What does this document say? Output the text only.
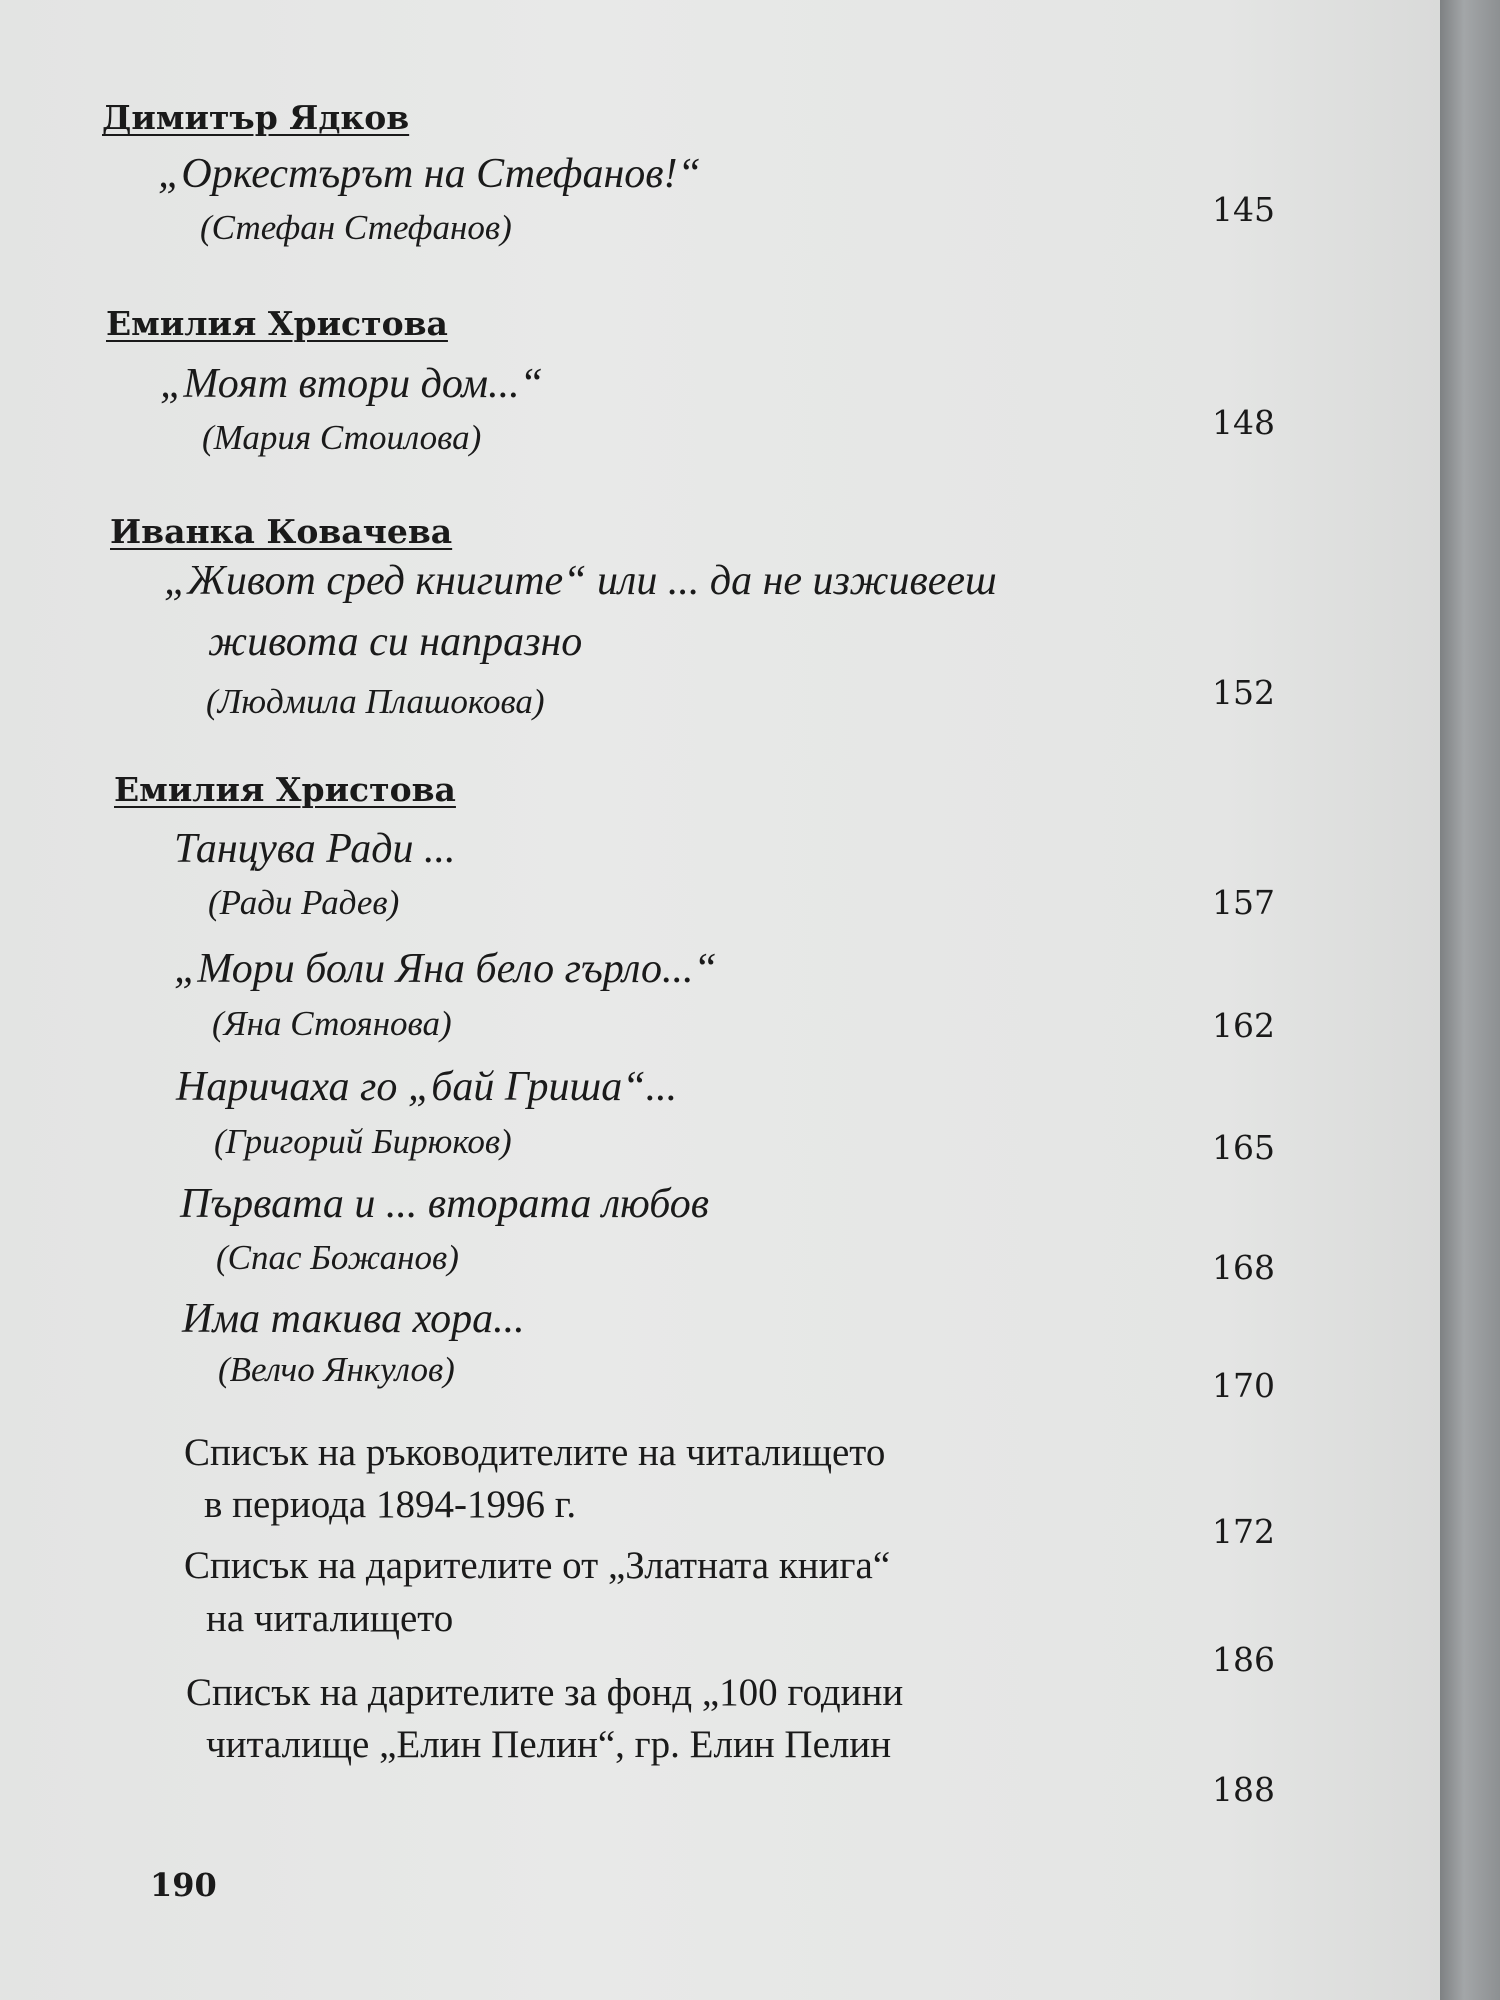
Димитър Ядков
„Оркестърът на Стефанов!“
145
(Стефан Стефанов)
Емилия Христова
„Моят втори дом...“
148
(Мария Стоилова)
Иванка Ковачева
„Живот сред книгите“ или ... да не изживееш
живота си напразно
152
(Людмила Плашокова)
Емилия Христова
Танцува Ради ...
157
(Ради Радев)
„Мори боли Яна бело гърло...“
162
(Яна Стоянова)
Наричаха го „бай Гриша“...
165
(Григорий Бирюков)
Първата и ... втората любов
(Спас Божанов)	168
Има такива хора...
(Велчо Янкулов)	170
Списък на ръководителите на читалището
в периода 1894-1996 г.
172
Списък на дарителите от „Златната книга“
на читалището
186
Списък на дарителите за фонд „100 години
читалище „Елин Пелин“, гр. Елин Пелин
188
190
